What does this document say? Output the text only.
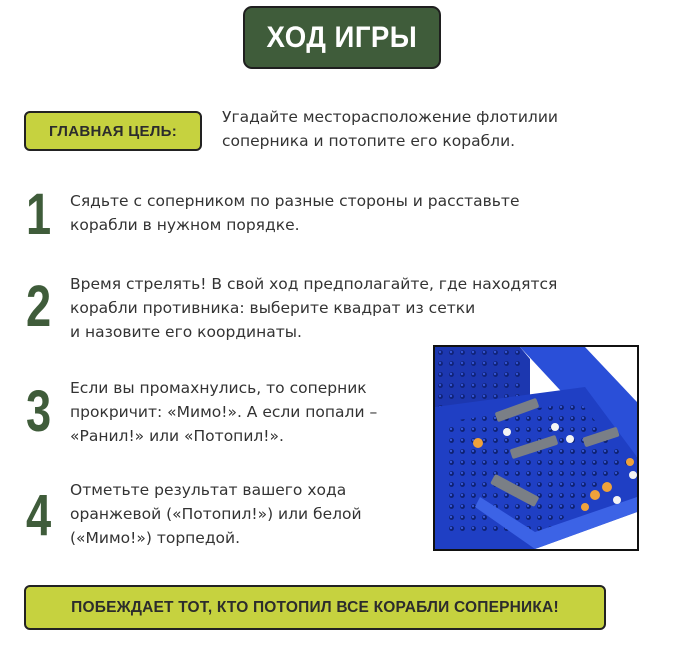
ХОД ИГРЫ
ГЛАВНАЯ ЦЕЛЬ:
Угадайте месторасположение флотилии соперника и потопите его корабли.
1 Сядьте с соперником по разные стороны и расставьте
корабли в нужном порядке.
2 Время стрелять! В свой ход предполагайте, где находятся
корабли противника: выберите квадрат из сетки
и назовите его координаты.
3 Если вы промахнулись, то соперник
прокричит: «Мимо!». А если попали –
«Ранил!» или «Потопил!».
4 Отметьте результат вашего хода
оранжевой («Потопил!») или белой
(«Мимо!») торпедой.
ПОБЕЖДАЕТ ТОТ, КТО ПОТОПИЛ ВСЕ КОРАБЛИ СОПЕРНИКА!
